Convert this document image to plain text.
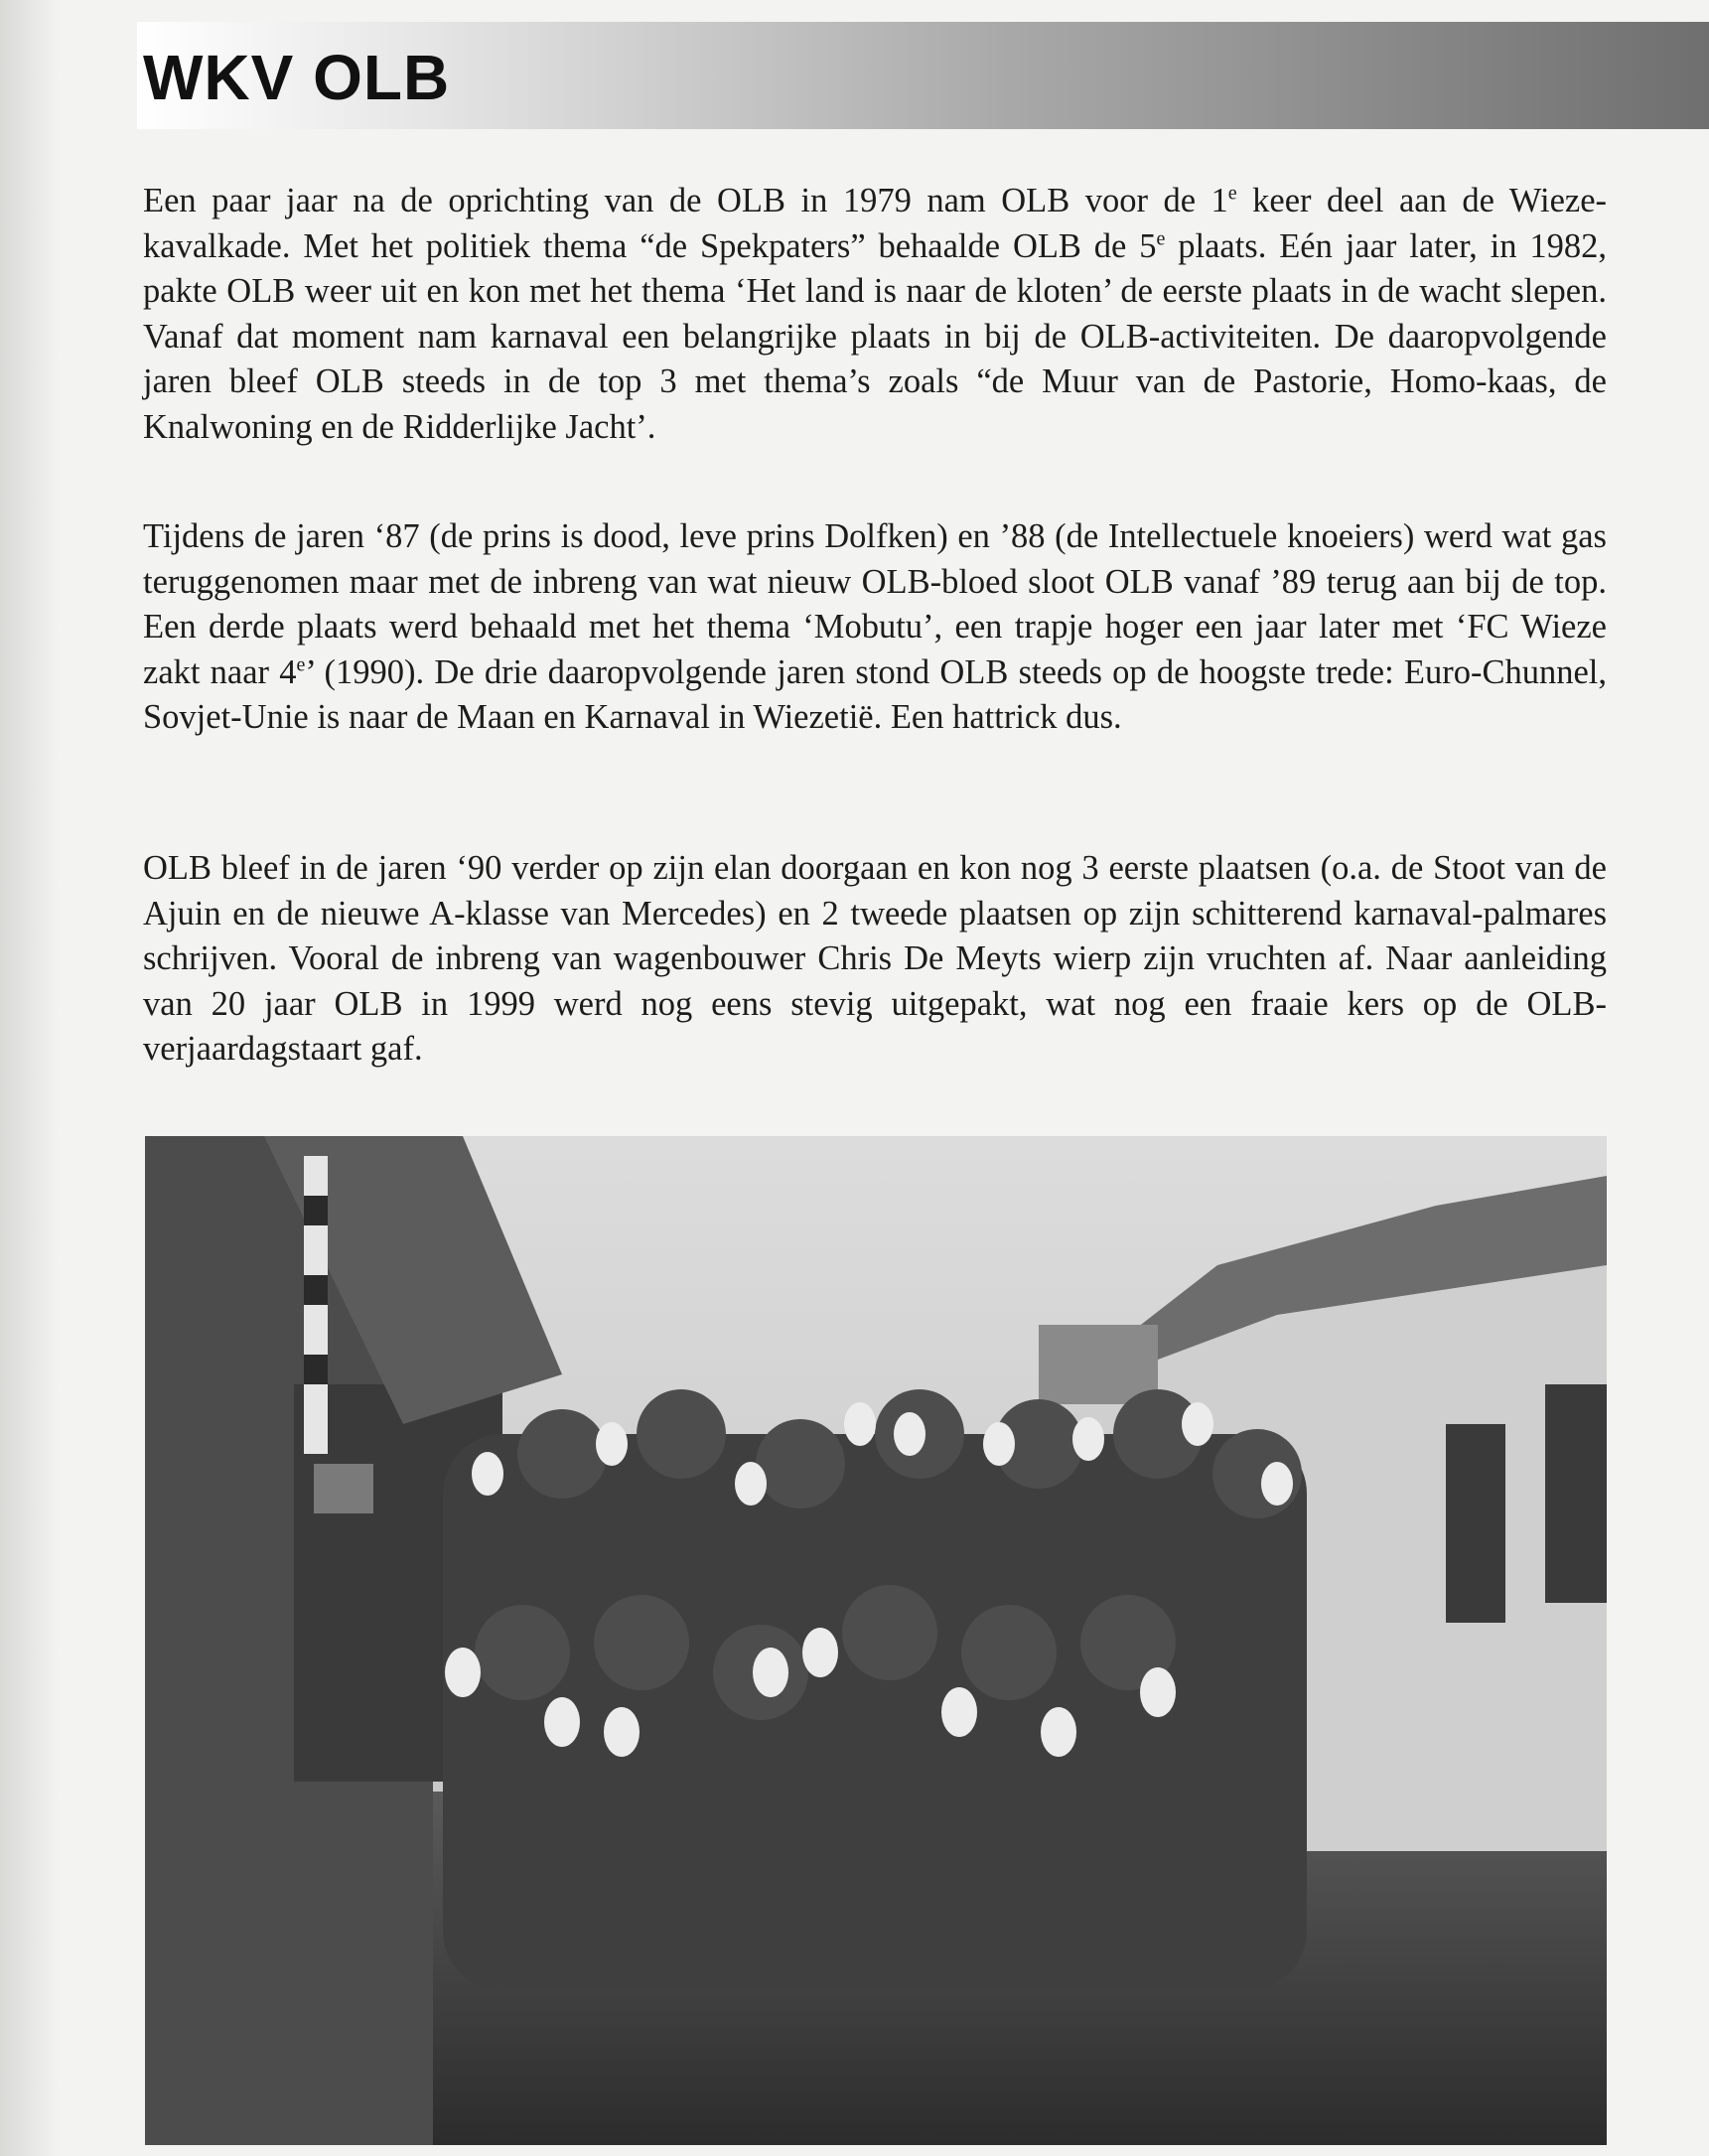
WKV OLB

Een paar jaar na de oprichting van de OLB in 1979 nam OLB voor de 1e keer deel aan de Wieze-kavalkade. Met het politiek thema “de Spekpaters” behaalde OLB de 5e plaats. Eén jaar later, in 1982, pakte OLB weer uit en kon met het thema ‘Het land is naar de kloten’ de eerste plaats in de wacht slepen. Vanaf dat moment nam karnaval een belangrijke plaats in bij de OLB-activiteiten. De daaropvolgende jaren bleef OLB steeds in de top 3 met thema’s zoals “de Muur van de Pastorie, Homo-kaas, de Knalwoning en de Ridderlijke Jacht’.

Tijdens de jaren ‘87 (de prins is dood, leve prins Dolfken) en ’88 (de Intellectuele knoeiers) werd wat gas teruggenomen maar met de inbreng van wat nieuw OLB-bloed sloot OLB vanaf ’89 terug aan bij de top. Een derde plaats werd behaald met het thema ‘Mobutu’, een trapje hoger een jaar later met ‘FC Wieze zakt naar 4e’ (1990). De drie daaropvolgende jaren stond OLB steeds op de hoogste trede: Euro-Chunnel, Sovjet-Unie is naar de Maan en Karnaval in Wiezetië. Een hattrick dus.

OLB bleef in de jaren ‘90 verder op zijn elan doorgaan en kon nog 3 eerste plaatsen (o.a. de Stoot van de Ajuin en de nieuwe A-klasse van Mercedes) en 2 tweede plaatsen op zijn schitterend karnaval-palmares schrijven. Vooral de inbreng van wagenbouwer Chris De Meyts wierp zijn vruchten af. Naar aanleiding van 20 jaar OLB in 1999 werd nog eens stevig uitgepakt, wat nog een fraaie kers op de OLB-verjaardagstaart gaf.
